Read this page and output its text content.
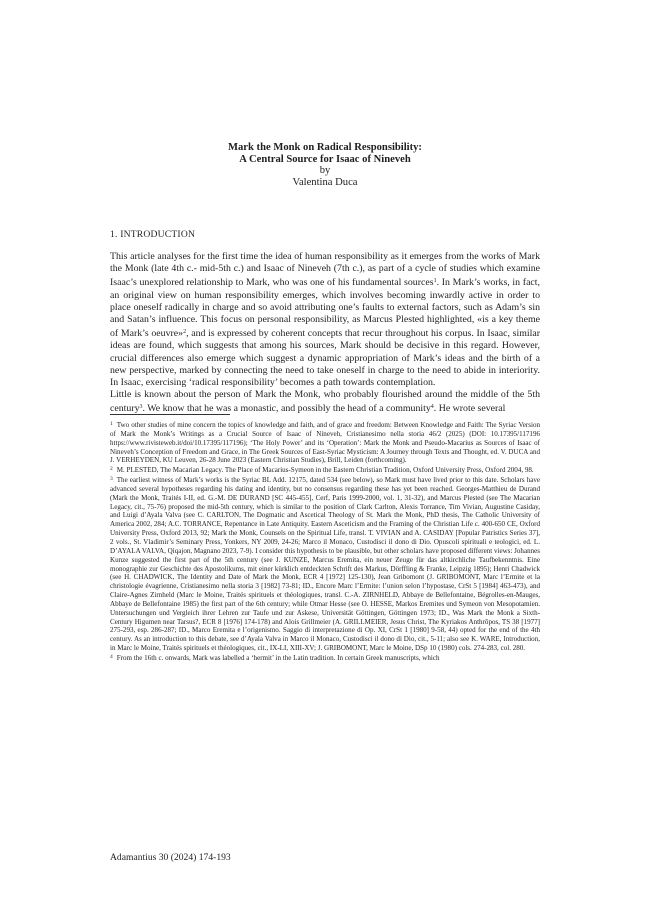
Mark the Monk on Radical Responsibility:
A Central Source for Isaac of Nineveh
by
Valentina Duca
1. INTRODUCTION

This article analyses for the first time the idea of human responsibility as it emerges from the works of Mark the Monk (late 4th c.- mid-5th c.) and Isaac of Nineveh (7th c.), as part of a cycle of studies which examine Isaac’s unexplored relationship to Mark, who was one of his fundamental sources$^1$. In Mark’s works, in fact, an original view on human responsibility emerges, which involves becoming inwardly active in order to place oneself radically in charge and so avoid attributing one’s faults to external factors, such as Adam’s sin and Satan’s influence. This focus on personal responsibility, as Marcus Plested highlighted, «is a key theme of Mark’s oeuvre»$^2$, and is expressed by coherent concepts that recur throughout his corpus. In Isaac, similar ideas are found, which suggests that among his sources, Mark should be decisive in this regard. However, crucial differences also emerge which suggest a dynamic appropriation of Mark’s ideas and the birth of a new perspective, marked by connecting the need to take oneself in charge to the need to abide in interiority. In Isaac, exercising ‘radical responsibility’ becomes a path towards contemplation.

Little is known about the person of Mark the Monk, who probably flourished around the middle of the 5th century$^3$. We know that he was a monastic, and possibly the head of a community$^4$. He wrote several

$^1$ Two other studies of mine concern the topics of knowledge and faith, and of grace and freedom: Between Knowledge and Faith: The Syriac Version of Mark the Monk’s Writings as a Crucial Source of Isaac of Nineveh, Cristianesimo nella storia 46/2 (2025) (DOI: 10.17395/117196 https://www.rivisteweb.it/doi/10.17395/117196); ‘The Holy Power’ and its ‘Operation’: Mark the Monk and Pseudo-Macarius as Sources of Isaac of Nineveh’s Conception of Freedom and Grace, in The Greek Sources of East-Syriac Mysticism: A Journey through Texts and Thought, ed. V. DUCA and J. VERHEYDEN, KU Leuven, 26-28 June 2023 (Eastern Christian Studies), Brill, Leiden (forthcoming).

$^2$ M. PLESTED, The Macarian Legacy. The Place of Macarius-Symeon in the Eastern Christian Tradition, Oxford University Press, Oxford 2004, 98.

$^3$ The earliest witness of Mark’s works is the Syriac BL Add. 12175, dated 534 (see below), so Mark must have lived prior to this date. Scholars have advanced several hypotheses regarding his dating and identity, but no consensus regarding these has yet been reached. Georges-Matthieu de Durand (Mark the Monk, Traités I-II, ed. G.-M. DE DURAND [SC 445-455], Cerf, Paris 1999-2000, vol. 1, 31-32), and Marcus Plested (see The Macarian Legacy, cit., 75-76) proposed the mid-5th century, which is similar to the position of Clark Carlton, Alexis Torrance, Tim Vivian, Augustine Casiday, and Luigi d’Ayala Valva (see C. CARLTON, The Dogmatic and Ascetical Theology of St. Mark the Monk, PhD thesis, The Catholic University of America 2002, 284; A.C. TORRANCE, Repentance in Late Antiquity. Eastern Asceticism and the Framing of the Christian Life c. 400-650 CE, Oxford University Press, Oxford 2013, 92; Mark the Monk, Counsels on the Spiritual Life, transl. T. VIVIAN and A. CASIDAY [Popular Patristics Series 37], 2 vols., St. Vladimir’s Seminary Press, Yonkers, NY 2009, 24-26; Marco il Monaco, Custodisci il dono di Dio. Opuscoli spirituali e teologici, ed. L. D’AYALA VALVA, Qiqajon, Magnano 2023, 7-9). I consider this hypothesis to be plausible, but other scholars have proposed different views: Johannes Kunze suggested the first part of the 5th century (see J. KUNZE, Marcus Eremita, ein neuer Zeuge für das altkirchliche Taufbekenntnis. Eine monographie zur Geschichte des Apostolikums, mit einer kürklich entdeckten Schrift des Markus, Dörffling & Franke, Leipzig 1895); Henri Chadwick (see H. CHADWICK, The Identity and Date of Mark the Monk, ECR 4 [1972] 125-130), Jean Gribomont (J. GRIBOMONT, Marc l’Ermite et la christologie évagrienne, Cristianesimo nella storia 3 [1982] 73-81; ID., Encore Marc l’Ermite: l’union selon l’hypostase, CrSt 5 [1984] 463-473), and Claire-Agnes Zirnheld (Marc le Moine, Traités spirituels et théologiques, transl. C.-A. ZIRNHELD, Abbaye de Bellefontaine, Bégrolles-en-Mauges, Abbaye de Bellefontaine 1985) the first part of the 6th century; while Otmar Hesse (see O. HESSE, Markos Eremites und Symeon von Mesopotamien. Untersuchungen und Vergleich ihrer Lehren zur Taufe und zur Askese, Universität Göttingen, Göttingen 1973; ID., Was Mark the Monk a Sixth-Century Higumen near Tarsus?, ECR 8 [1976] 174-178) and Alois Grillmeier (A. GRILLMEIER, Jesus Christ, The Kyriakos Anthrōpos, TS 38 [1977] 275-293, esp. 286-287; ID., Marco Eremita e l’origenismo. Saggio di interpretazione di Op. XI, CrSt 1 [1980] 9-58, 44) opted for the end of the 4th century. As an introduction to this debate, see d’Ayala Valva in Marco il Monaco, Custodisci il dono di Dio, cit., 5-11; also see K. WARE, Introduction, in Marc le Moine, Traités spirituels et théologiques, cit., IX-LI, XIII-XV; J. GRIBOMONT, Marc le Moine, DSp 10 (1980) cols. 274-283, col. 280.

$^4$ From the 16th c. onwards, Mark was labelled a ‘hermit’ in the Latin tradition. In certain Greek manuscripts, which

Adamantius 30 (2024) 174-193
